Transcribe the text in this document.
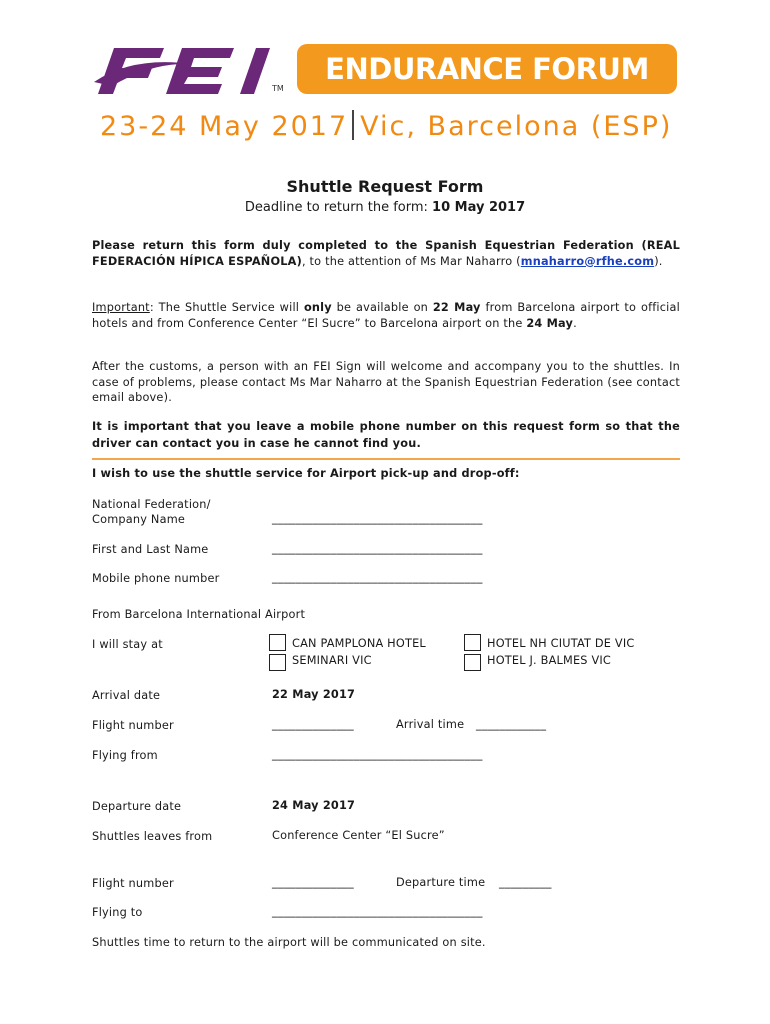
TM
ENDURANCE FORUM
23-24 May 2017 Vic, Barcelona (ESP)
Shuttle Request Form
Deadline to return the form: 10 May 2017
Please return this form duly completed to the Spanish Equestrian Federation (REAL FEDERACIÓN HÍPICA ESPAÑOLA), to the attention of Ms Mar Naharro (mnaharro@rfhe.com).
Important: The Shuttle Service will only be available on 22 May from Barcelona airport to official hotels and from Conference Center “El Sucre” to Barcelona airport on the 24 May.
After the customs, a person with an FEI Sign will welcome and accompany you to the shuttles. In case of problems, please contact Ms Mar Naharro at the Spanish Equestrian Federation (see contact email above).
It is important that you leave a mobile phone number on this request form so that the driver can contact you in case he cannot find you.
I wish to use the shuttle service for Airport pick-up and drop-off:
National Federation/
Company Name	____________________________________
First and Last Name	____________________________________
Mobile phone number	____________________________________
From Barcelona International Airport
I will stay at	CAN PAMPLONA HOTEL
SEMINARI VIC
HOTEL NH CIUTAT DE VIC
HOTEL J. BALMES VIC
Arrival date	22 May 2017
Flight number	______________	Arrival time ____________
Flying from	____________________________________
Departure date	24 May 2017
Shuttles leaves from	Conference Center “El Sucre”
Flight number	______________	Departure time _________
Flying to	____________________________________
Shuttles time to return to the airport will be communicated on site.
